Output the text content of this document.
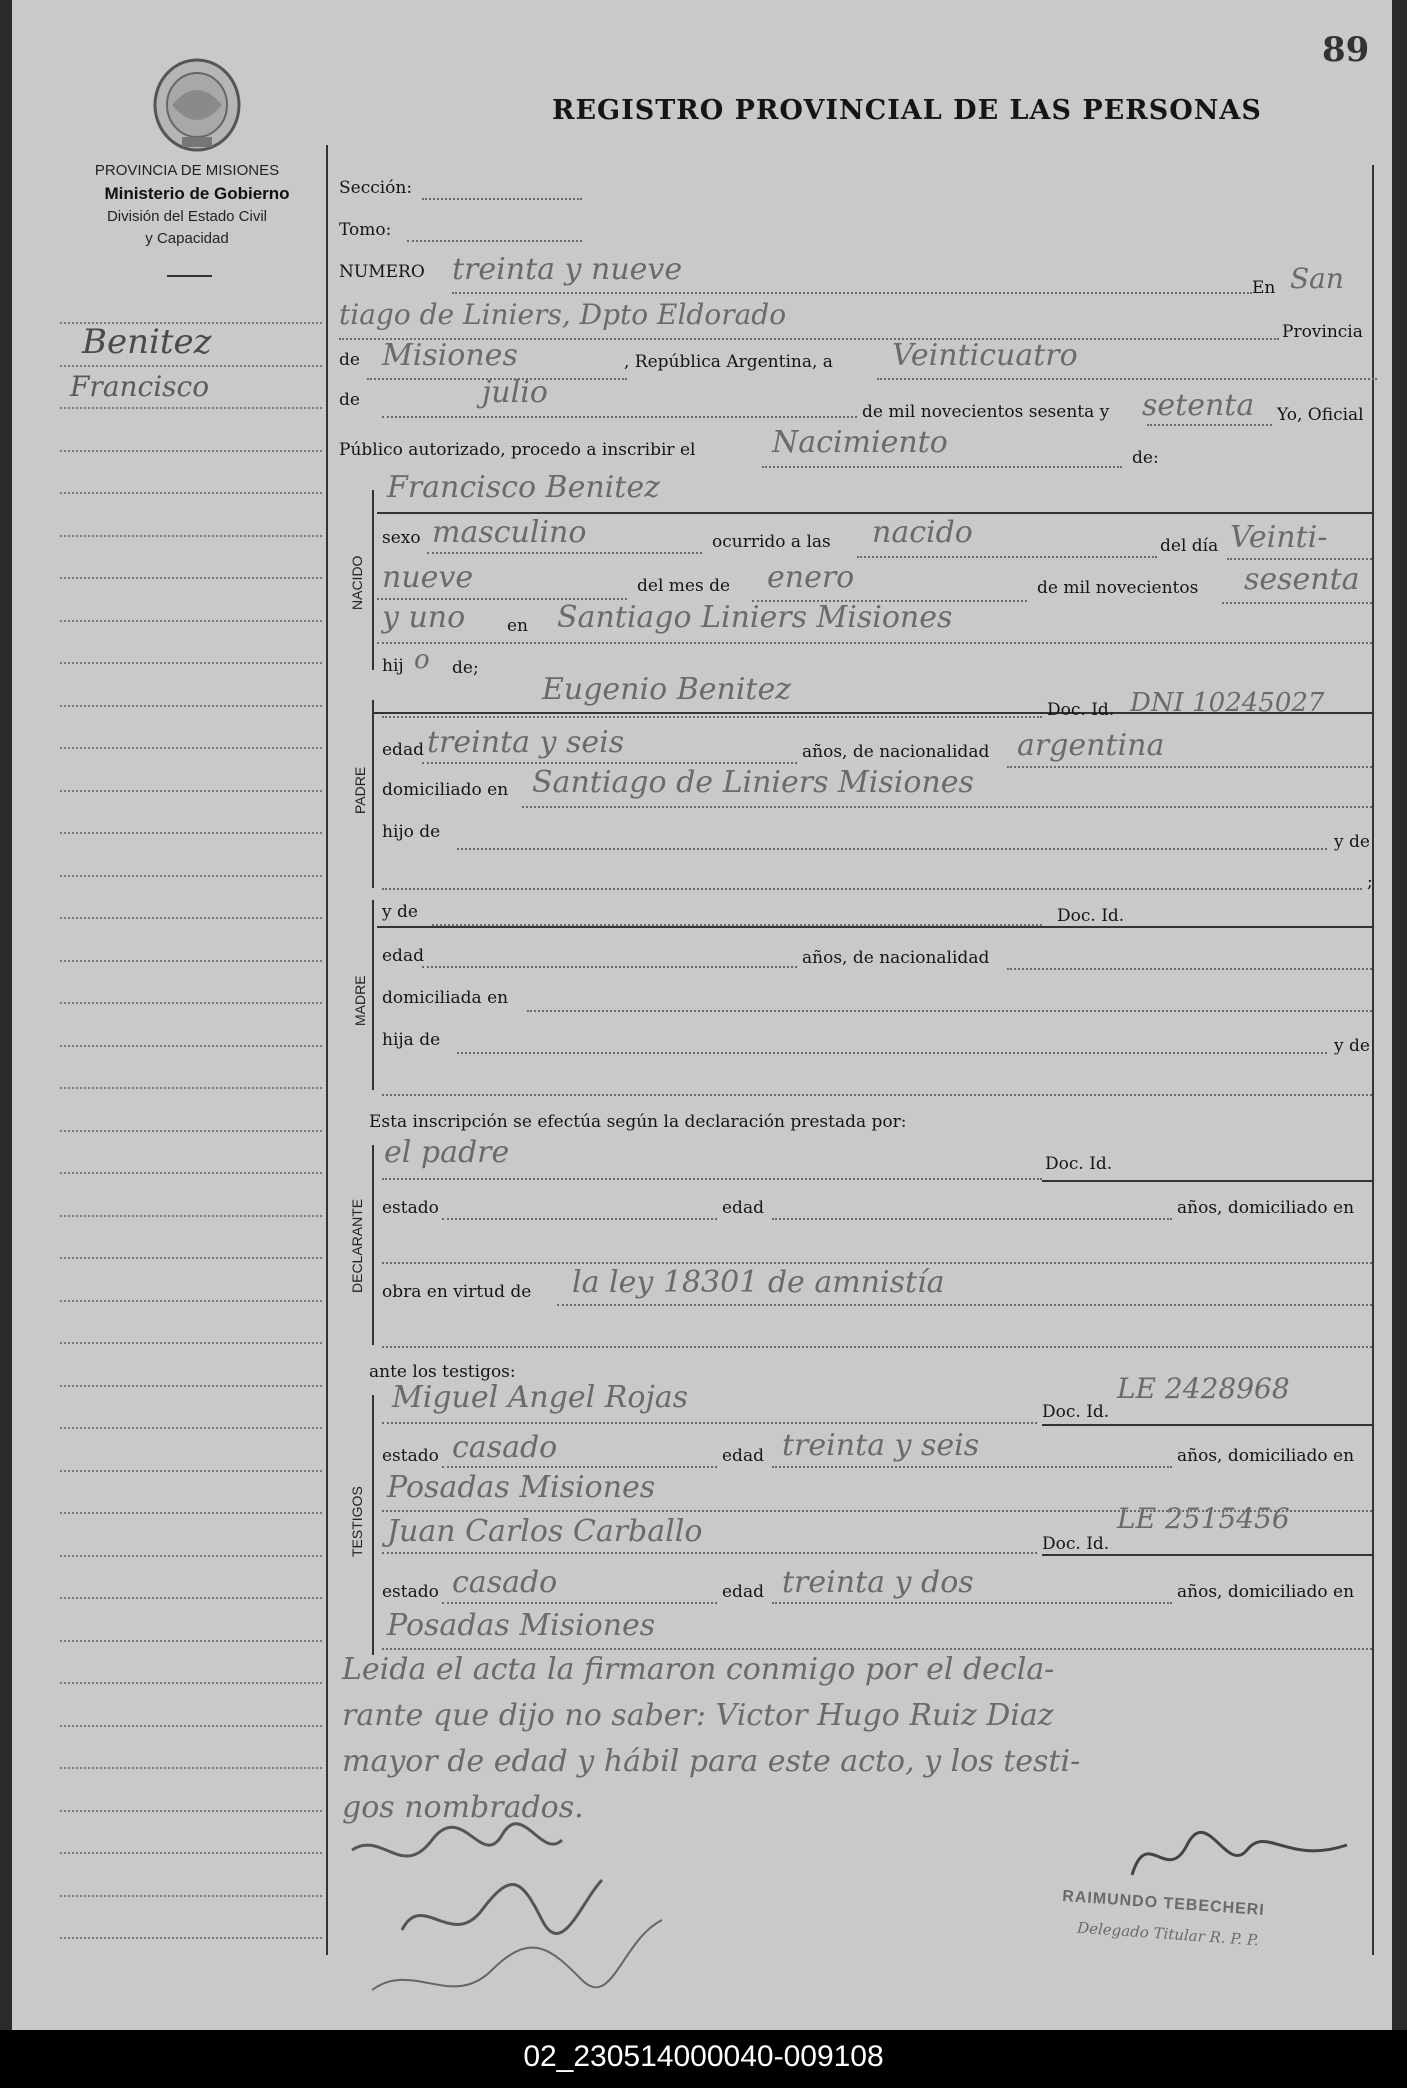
89
REGISTRO PROVINCIAL DE LAS PERSONAS
PROVINCIA DE MISIONES
Ministerio de Gobierno
División del Estado Civil
y Capacidad
Benitez
Francisco
Sección:
Tomo:
NUMERO treinta y nueve
En San
tiago de Liniers, Dpto Eldorado
Provincia
de Misiones	, República Argentina, a Veinticuatro
de	julio
de mil novecientos sesenta y setenta Yo, Oficial
Público autorizado, procedo a inscribir el	Nacimiento	de:
Francisco Benitez
NACIDO
sexo masculino	ocurrido a las nacido	del día Veinti-
nueve	del mes de enero	de mil novecientos sesenta
y uno en Santiago Liniers Misiones
hij o de;
PADRE
Eugenio Benitez
Doc. Id. DNI 10245027
edad treinta y seis	años, de nacionalidad argentina
domiciliado en Santiago de Liniers Misiones
hijo de	y de
;
MADRE
y de	Doc. Id.
edad	años, de nacionalidad
domiciliada en
hija de	y de
Esta inscripción se efectúa según la declaración prestada por:
DECLARANTE
el padre	Doc. Id.
estado	edad	años, domiciliado en
obra en virtud de la ley 18301 de amnistía
ante los testigos:
TESTIGOS
Miguel Angel Rojas	Doc. Id.
LE 2428968
estado casado	edad treinta y seis	años, domiciliado en
Posadas Misiones
Juan Carlos Carballo	Doc. Id.
LE 2515456
estado casado	edad treinta y dos	años, domiciliado en
Posadas Misiones
Leida el acta la firmaron conmigo por el decla-
rante que dijo no saber: Victor Hugo Ruiz Diaz
mayor de edad y hábil para este acto, y los testi-
gos nombrados.
RAIMUNDO TEBECHERI
Delegado Titular R. P. P.
02_230514000040-009108
